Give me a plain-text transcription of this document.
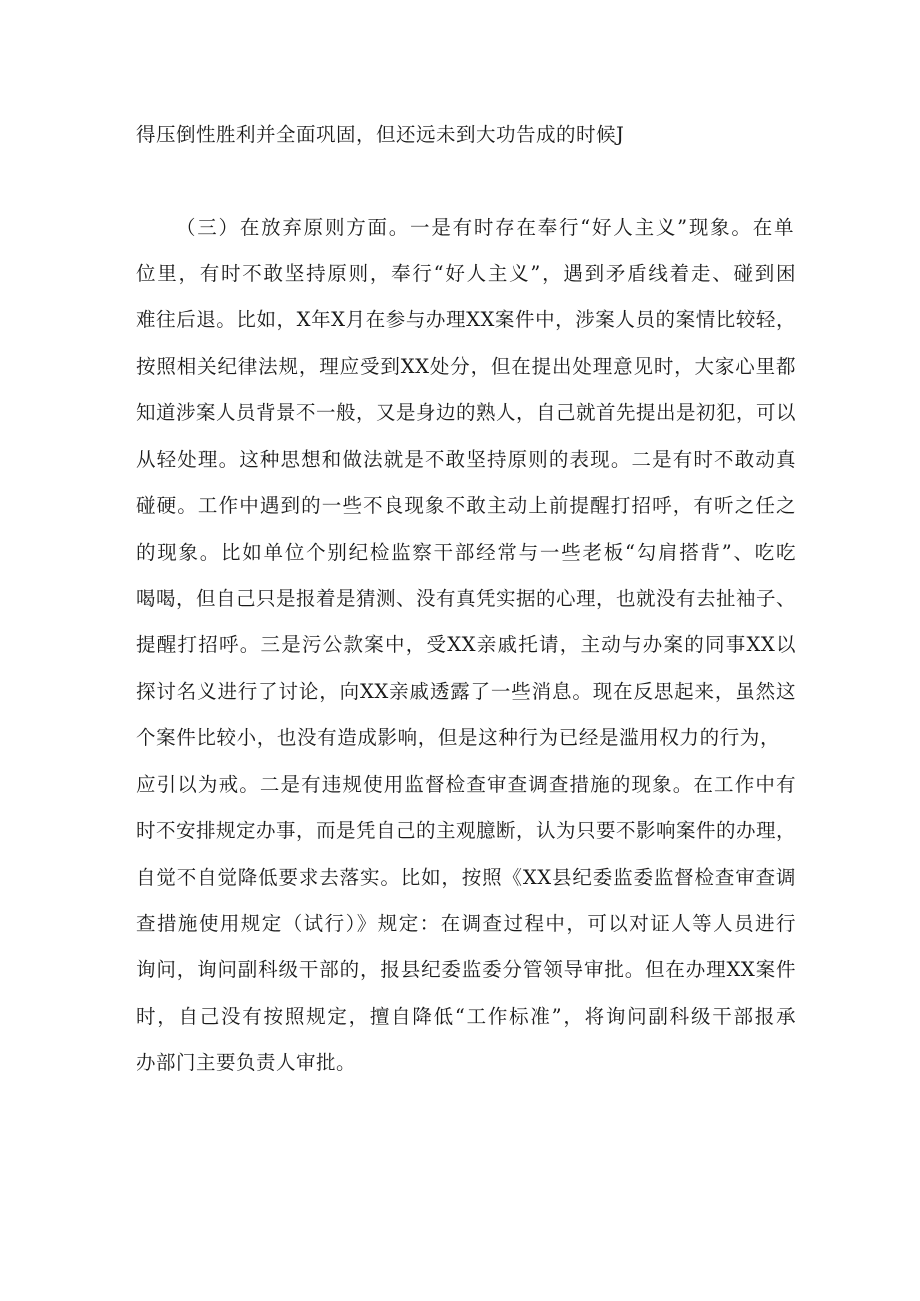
得压倒性胜利并全面巩固，但还远未到大功告成的时候J
（三）在放弃原则方面。一是有时存在奉行“好人主义”现象。在单
位里，有时不敢坚持原则，奉行“好人主义”，遇到矛盾线着走、碰到困
难往后退。比如，X年X月在参与办理XX案件中，涉案人员的案情比较轻，
按照相关纪律法规，理应受到XX处分，但在提出处理意见时，大家心里都
知道涉案人员背景不一般，又是身边的熟人，自己就首先提出是初犯，可以
从轻处理。这种思想和做法就是不敢坚持原则的表现。二是有时不敢动真
碰硬。工作中遇到的一些不良现象不敢主动上前提醒打招呼，有听之任之
的现象。比如单位个别纪检监察干部经常与一些老板“勾肩搭背”、吃吃
喝喝，但自己只是报着是猜测、没有真凭实据的心理，也就没有去扯袖子、
提醒打招呼。三是污公款案中，受XX亲戚托请，主动与办案的同事XX以
探讨名义进行了讨论，向XX亲戚透露了一些消息。现在反思起来，虽然这
个案件比较小，也没有造成影响，但是这种行为已经是滥用权力的行为，
应引以为戒。二是有违规使用监督检查审查调查措施的现象。在工作中有
时不安排规定办事，而是凭自己的主观臆断，认为只要不影响案件的办理，
自觉不自觉降低要求去落实。比如，按照《XX县纪委监委监督检查审查调
查措施使用规定（试行）》规定：在调查过程中，可以对证人等人员进行
询问，询问副科级干部的，报县纪委监委分管领导审批。但在办理XX案件
时，自己没有按照规定，擅自降低“工作标准”，将询问副科级干部报承
办部门主要负责人审批。
